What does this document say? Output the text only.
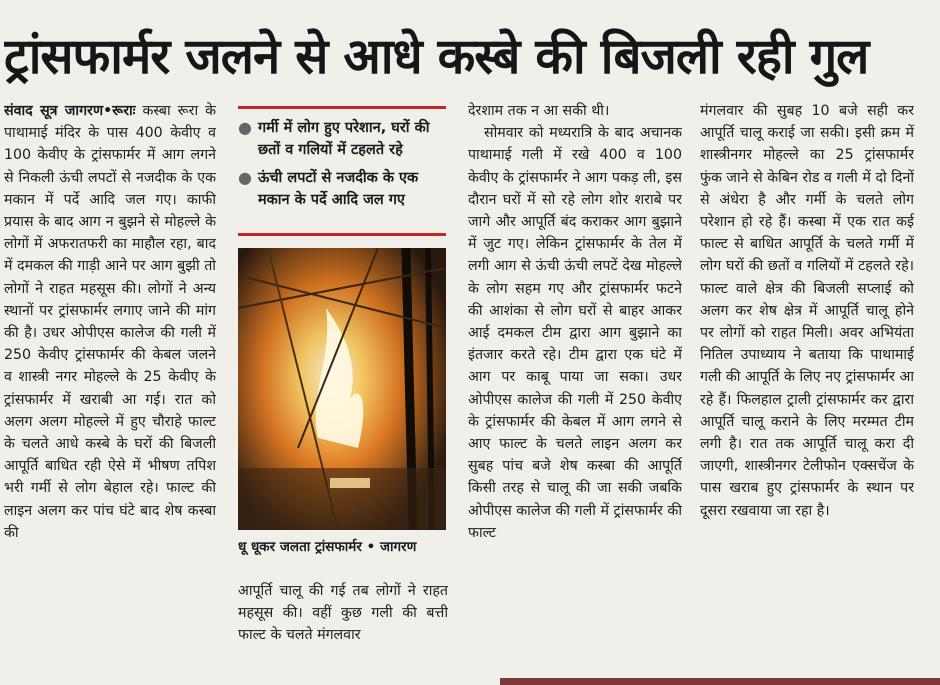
ट्रांसफार्मर जलने से आधे कस्बे की बिजली रही गुल

संवाद सूत्र जागरण•रूराः कस्बा रूरा के पाथामाई मंदिर के पास 400 केवीए व 100 केवीए के ट्रांसफार्मर में आग लगने से निकली ऊंची लपटों से नजदीक के एक मकान में पर्दे आदि जल गए। काफी प्रयास के बाद आग न बुझने से मोहल्ले के लोगों में अफरातफरी का माहौल रहा, बाद में दमकल की गाड़ी आने पर आग बुझी तो लोगों ने राहत महसूस की। लोगों ने अन्य स्थानों पर ट्रांसफार्मर लगाए जाने की मांग की है। उधर ओपीएस कालेज की गली में 250 केवीए ट्रांसफार्मर की केबल जलने व शास्त्री नगर मोहल्ले के 25 केवीए के ट्रांसफार्मर में खराबी आ गई। रात को अलग अलग मोहल्ले में हुए चौराहे फाल्ट के चलते आधे कस्बे के घरों की बिजली आपूर्ति बाधित रही ऐसे में भीषण तपिश भरी गर्मी से लोग बेहाल रहे। फाल्ट की लाइन अलग कर पांच घंटे बाद शेष कस्बा की

● गर्मी में लोग हुए परेशान, घरों की छतों व गलियों में टहलते रहे
● ऊंची लपटों से नजदीक के एक मकान के पर्दे आदि जल गए
धू धूकर जलता ट्रांसफार्मर • जागरण

आपूर्ति चालू की गई तब लोगों ने राहत महसूस की। वहीं कुछ गली की बत्ती फाल्ट के चलते मंगलवार

देरशाम तक न आ सकी थी।

सोमवार को मध्यरात्रि के बाद अचानक पाथामाई गली में रखे 400 व 100 केवीए के ट्रांसफार्मर ने आग पकड़ ली, इस दौरान घरों में सो रहे लोग शोर शराबे पर जागे और आपूर्ति बंद कराकर आग बुझाने में जुट गए। लेकिन ट्रांसफार्मर के तेल में लगी आग से ऊंची ऊंची लपटें देख मोहल्ले के लोग सहम गए और ट्रांसफार्मर फटने की आशंका से लोग घरों से बाहर आकर आई दमकल टीम द्वारा आग बुझाने का इंतजार करते रहे। टीम द्वारा एक घंटे में आग पर काबू पाया जा सका। उधर ओपीएस कालेज की गली में 250 केवीए के ट्रांसफार्मर की केबल में आग लगने से आए फाल्ट के चलते लाइन अलग कर सुबह पांच बजे शेष कस्बा की आपूर्ति किसी तरह से चालू की जा सकी जबकि ओपीएस कालेज की गली में ट्रांसफार्मर की फाल्ट

मंगलवार की सुबह 10 बजे सही कर आपूर्ति चालू कराई जा सकी। इसी क्रम में शास्त्रीनगर मोहल्ले का 25 ट्रांसफार्मर फुंक जाने से केबिन रोड व गली में दो दिनों से अंधेरा है और गर्मी के चलते लोग परेशान हो रहे हैं। कस्बा में एक रात कई फाल्ट से बाधित आपूर्ति के चलते गर्मी में लोग घरों की छतों व गलियों में टहलते रहे। फाल्ट वाले क्षेत्र की बिजली सप्लाई को अलग कर शेष क्षेत्र में आपूर्ति चालू होने पर लोगों को राहत मिली। अवर अभियंता नितिल उपाध्याय ने बताया कि पाथामाई गली की आपूर्ति के लिए नए ट्रांसफार्मर आ रहे हैं। फिलहाल ट्राली ट्रांसफार्मर कर द्वारा आपूर्ति चालू कराने के लिए मरम्मत टीम लगी है। रात तक आपूर्ति चालू करा दी जाएगी, शास्त्रीनगर टेलीफोन एक्सचेंज के पास खराब हुए ट्रांसफार्मर के स्थान पर दूसरा रखवाया जा रहा है।
